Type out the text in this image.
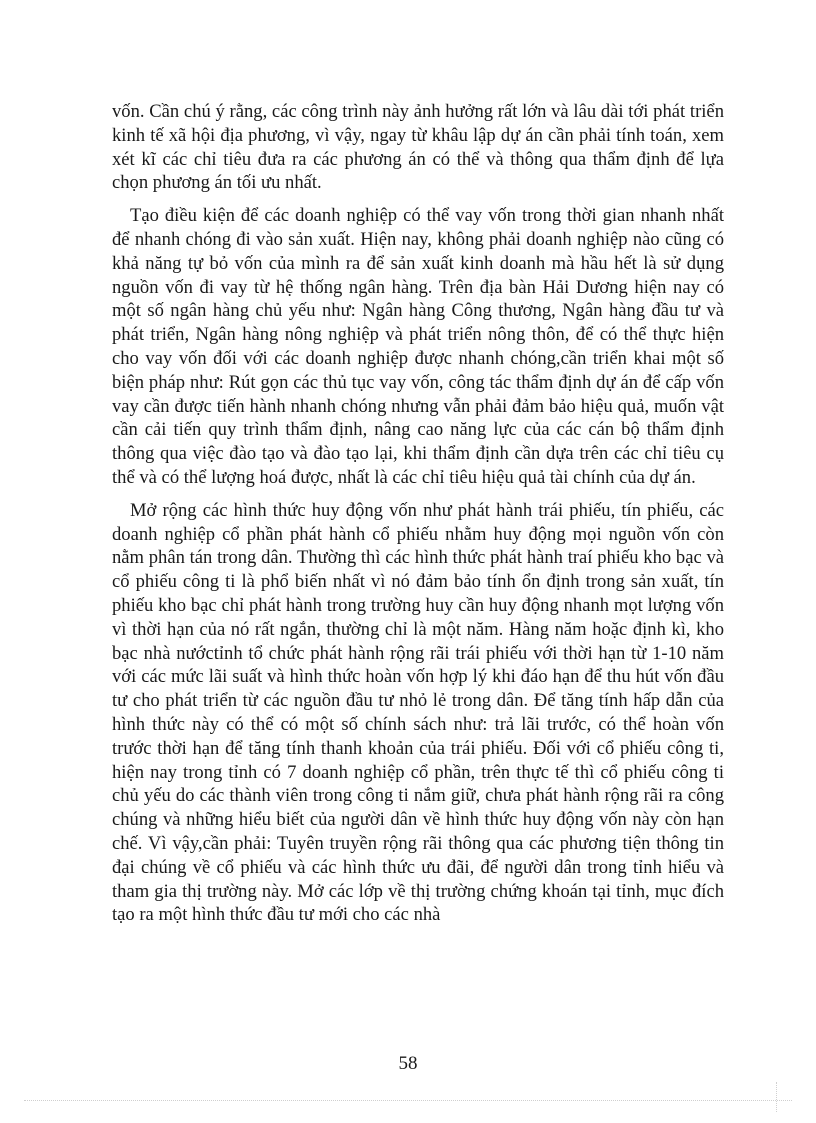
vốn. Cần chú ý rằng, các công trình này ảnh hưởng rất lớn và lâu dài tới phát triển kinh tế xã hội địa phương, vì vậy, ngay từ khâu lập dự án cần phải tính toán, xem xét kĩ các chỉ tiêu đưa ra các phương án có thể và thông qua thẩm định để lựa chọn phương án tối ưu nhất.

Tạo điều kiện để các doanh nghiệp có thể vay vốn trong thời gian nhanh nhất để nhanh chóng đi vào sản xuất. Hiện nay, không phải doanh nghiệp nào cũng có khả năng tự bỏ vốn của mình ra để sản xuất kinh doanh mà hầu hết là sử dụng nguồn vốn đi vay từ hệ thống ngân hàng. Trên địa bàn Hải Dương hiện nay có một số ngân hàng chủ yếu như: Ngân hàng Công thương, Ngân hàng đầu tư và phát triển, Ngân hàng nông nghiệp và phát triển nông thôn, để có thể thực hiện cho vay vốn đối với các doanh nghiệp được nhanh chóng,cần triển khai một số biện pháp như: Rút gọn các thủ tục vay vốn, công tác thẩm định dự án để cấp vốn vay cần được tiến hành nhanh chóng nhưng vẫn phải đảm bảo hiệu quả, muốn vật cần cải tiến quy trình thẩm định, nâng cao năng lực của các cán bộ thẩm định thông qua việc đào tạo và đào tạo lại, khi thẩm định cần dựa trên các chỉ tiêu cụ thể và có thể lượng hoá được, nhất là các chỉ tiêu hiệu quả tài chính của dự án.

Mở rộng các hình thức huy động vốn như phát hành trái phiếu, tín phiếu, các doanh nghiệp cổ phần phát hành cổ phiếu nhằm huy động mọi nguồn vốn còn nằm phân tán trong dân. Thường thì các hình thức phát hành traí phiếu kho bạc và cổ phiếu công ti là phổ biến nhất vì nó đảm bảo tính ổn định trong sản xuất, tín phiếu kho bạc chỉ phát hành trong trường huy cần huy động nhanh mọt lượng vốn vì thời hạn của nó rất ngắn, thường chỉ là một năm. Hàng năm hoặc định kì, kho bạc nhà nướctỉnh tổ chức phát hành rộng rãi trái phiếu với thời hạn từ 1-10 năm với các mức lãi suất và hình thức hoàn vốn hợp lý khi đáo hạn để thu hút vốn đầu tư cho phát triển từ các nguồn đầu tư nhỏ lẻ trong dân. Để tăng tính hấp dẫn của hình thức này có thể có một số chính sách như: trả lãi trước, có thể hoàn vốn trước thời hạn để tăng tính thanh khoản của trái phiếu. Đối với cổ phiếu công ti, hiện nay trong tỉnh có 7 doanh nghiệp cổ phần, trên thực tế thì cổ phiếu công ti chủ yếu do các thành viên trong công ti nắm giữ, chưa phát hành rộng rãi ra công chúng và những hiểu biết của người dân về hình thức huy động vốn này còn hạn chế. Vì vậy,cần phải: Tuyên truyền rộng rãi thông qua các phương tiện thông tin đại chúng về cổ phiếu và các hình thức ưu đãi, để người dân trong tỉnh hiểu và tham gia thị trường này. Mở các lớp về thị trường chứng khoán tại tỉnh, mục đích tạo ra một hình thức đầu tư mới cho các nhà

58
